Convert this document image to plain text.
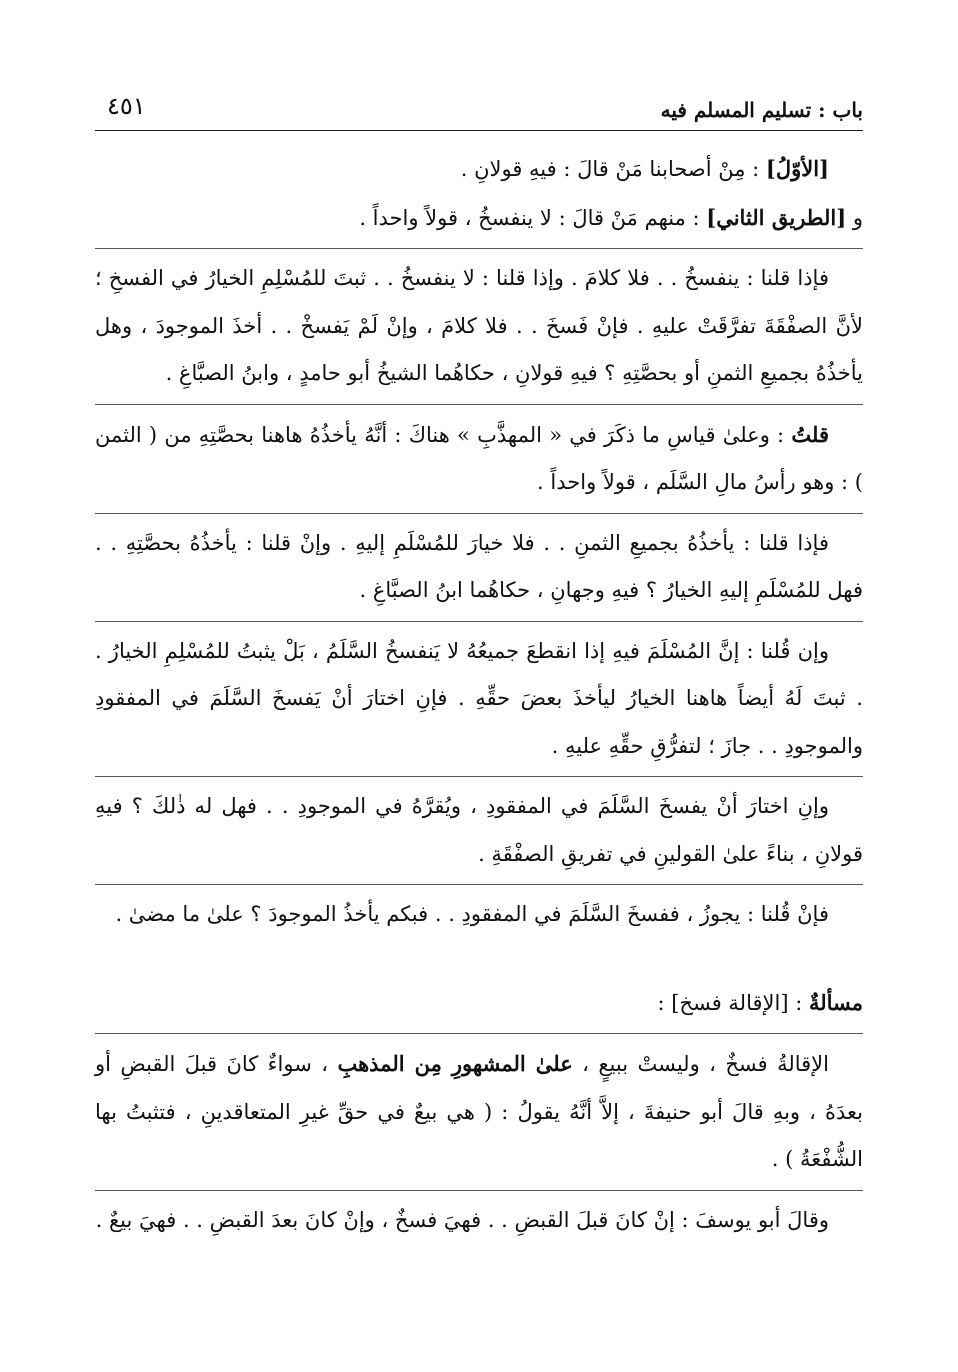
باب : تسليم المسلم فيه
٤٥١

[الأوّلُ] : مِنْ أصحابنا مَنْ قالَ : فيهِ قولانِ .

و [الطريق الثاني] : منهم مَنْ قالَ : لا ينفسخُ ، قولاً واحداً .

فإذا قلنا : ينفسخُ . . فلا كلامَ . وإذا قلنا : لا ينفسخُ . . ثبتَ للمُسْلِمِ الخيارُ في الفسخِ ؛ لأنَّ الصفْقَةَ تفرَّقَتْ عليهِ . فإنْ فَسخَ . . فلا كلامَ ، وإنْ لَمْ يَفسخْ . . أخذَ الموجودَ ، وهل يأخذُهُ بجميعِ الثمنِ أو بحصَّتِهِ ؟ فيهِ قولانِ ، حكاهُما الشيخُ أبو حامدٍ ، وابنُ الصبَّاغِ .

قلتُ : وعلىٰ قياسِ ما ذكَرَ في « المهذَّبِ » هناكَ : أنَّهُ يأخذُهُ هاهنا بحصَّتِهِ من ( الثمن ) : وهو رأسُ مالِ السَّلَم ، قولاً واحداً .

فإذا قلنا : يأخذُهُ بجميعِ الثمنِ . . فلا خيارَ للمُسْلَمِ إليهِ . وإنْ قلنا : يأخذُهُ بحصَّتِهِ . . فهل للمُسْلَمِ إليهِ الخيارُ ؟ فيهِ وجهانِ ، حكاهُما ابنُ الصبَّاغِ .

وإن قُلنا : إنَّ المُسْلَمَ فيهِ إذا انقطعَ جميعُهُ لا يَنفسخُ السَّلَمُ ، بَلْ يثبتُ للمُسْلِمِ الخيارُ . . ثبتَ لَهُ أيضاً هاهنا الخيارُ ليأخذَ بعضَ حقِّهِ . فإنِ اختارَ أنْ يَفسخَ السَّلَمَ في المفقودِ والموجودِ . . جازَ ؛ لتفرُّقِ حقِّهِ عليهِ .

وإنِ اختارَ أنْ يفسخَ السَّلَمَ في المفقودِ ، ويُقرَّهُ في الموجودِ . . فهل له ذٰلكَ ؟ فيهِ قولانِ ، بناءً علىٰ القولينِ في تفريقِ الصفْقَةِ .

فإنْ قُلنا : يجوزُ ، ففسخَ السَّلَمَ في المفقودِ . . فبكم يأخذُ الموجودَ ؟ علىٰ ما مضىٰ .

مسألةٌ : [الإقالة فسخ] :

الإقالةُ فسخٌ ، وليستْ ببيعٍ ، علىٰ المشهورِ مِن المذهبِ ، سواءٌ كانَ قبلَ القبضِ أو بعدَهُ ، وبهِ قالَ أبو حنيفةَ ، إلاَّ أنَّهُ يقولُ : ( هي بيعٌ في حقِّ غيرِ المتعاقدينِ ، فتثبتُ بها الشُّفْعَةُ ) .

وقالَ أبو يوسفَ : إنْ كانَ قبلَ القبضِ . . فهيَ فسخٌ ، وإنْ كانَ بعدَ القبضِ . . فهيَ بيعٌ .
